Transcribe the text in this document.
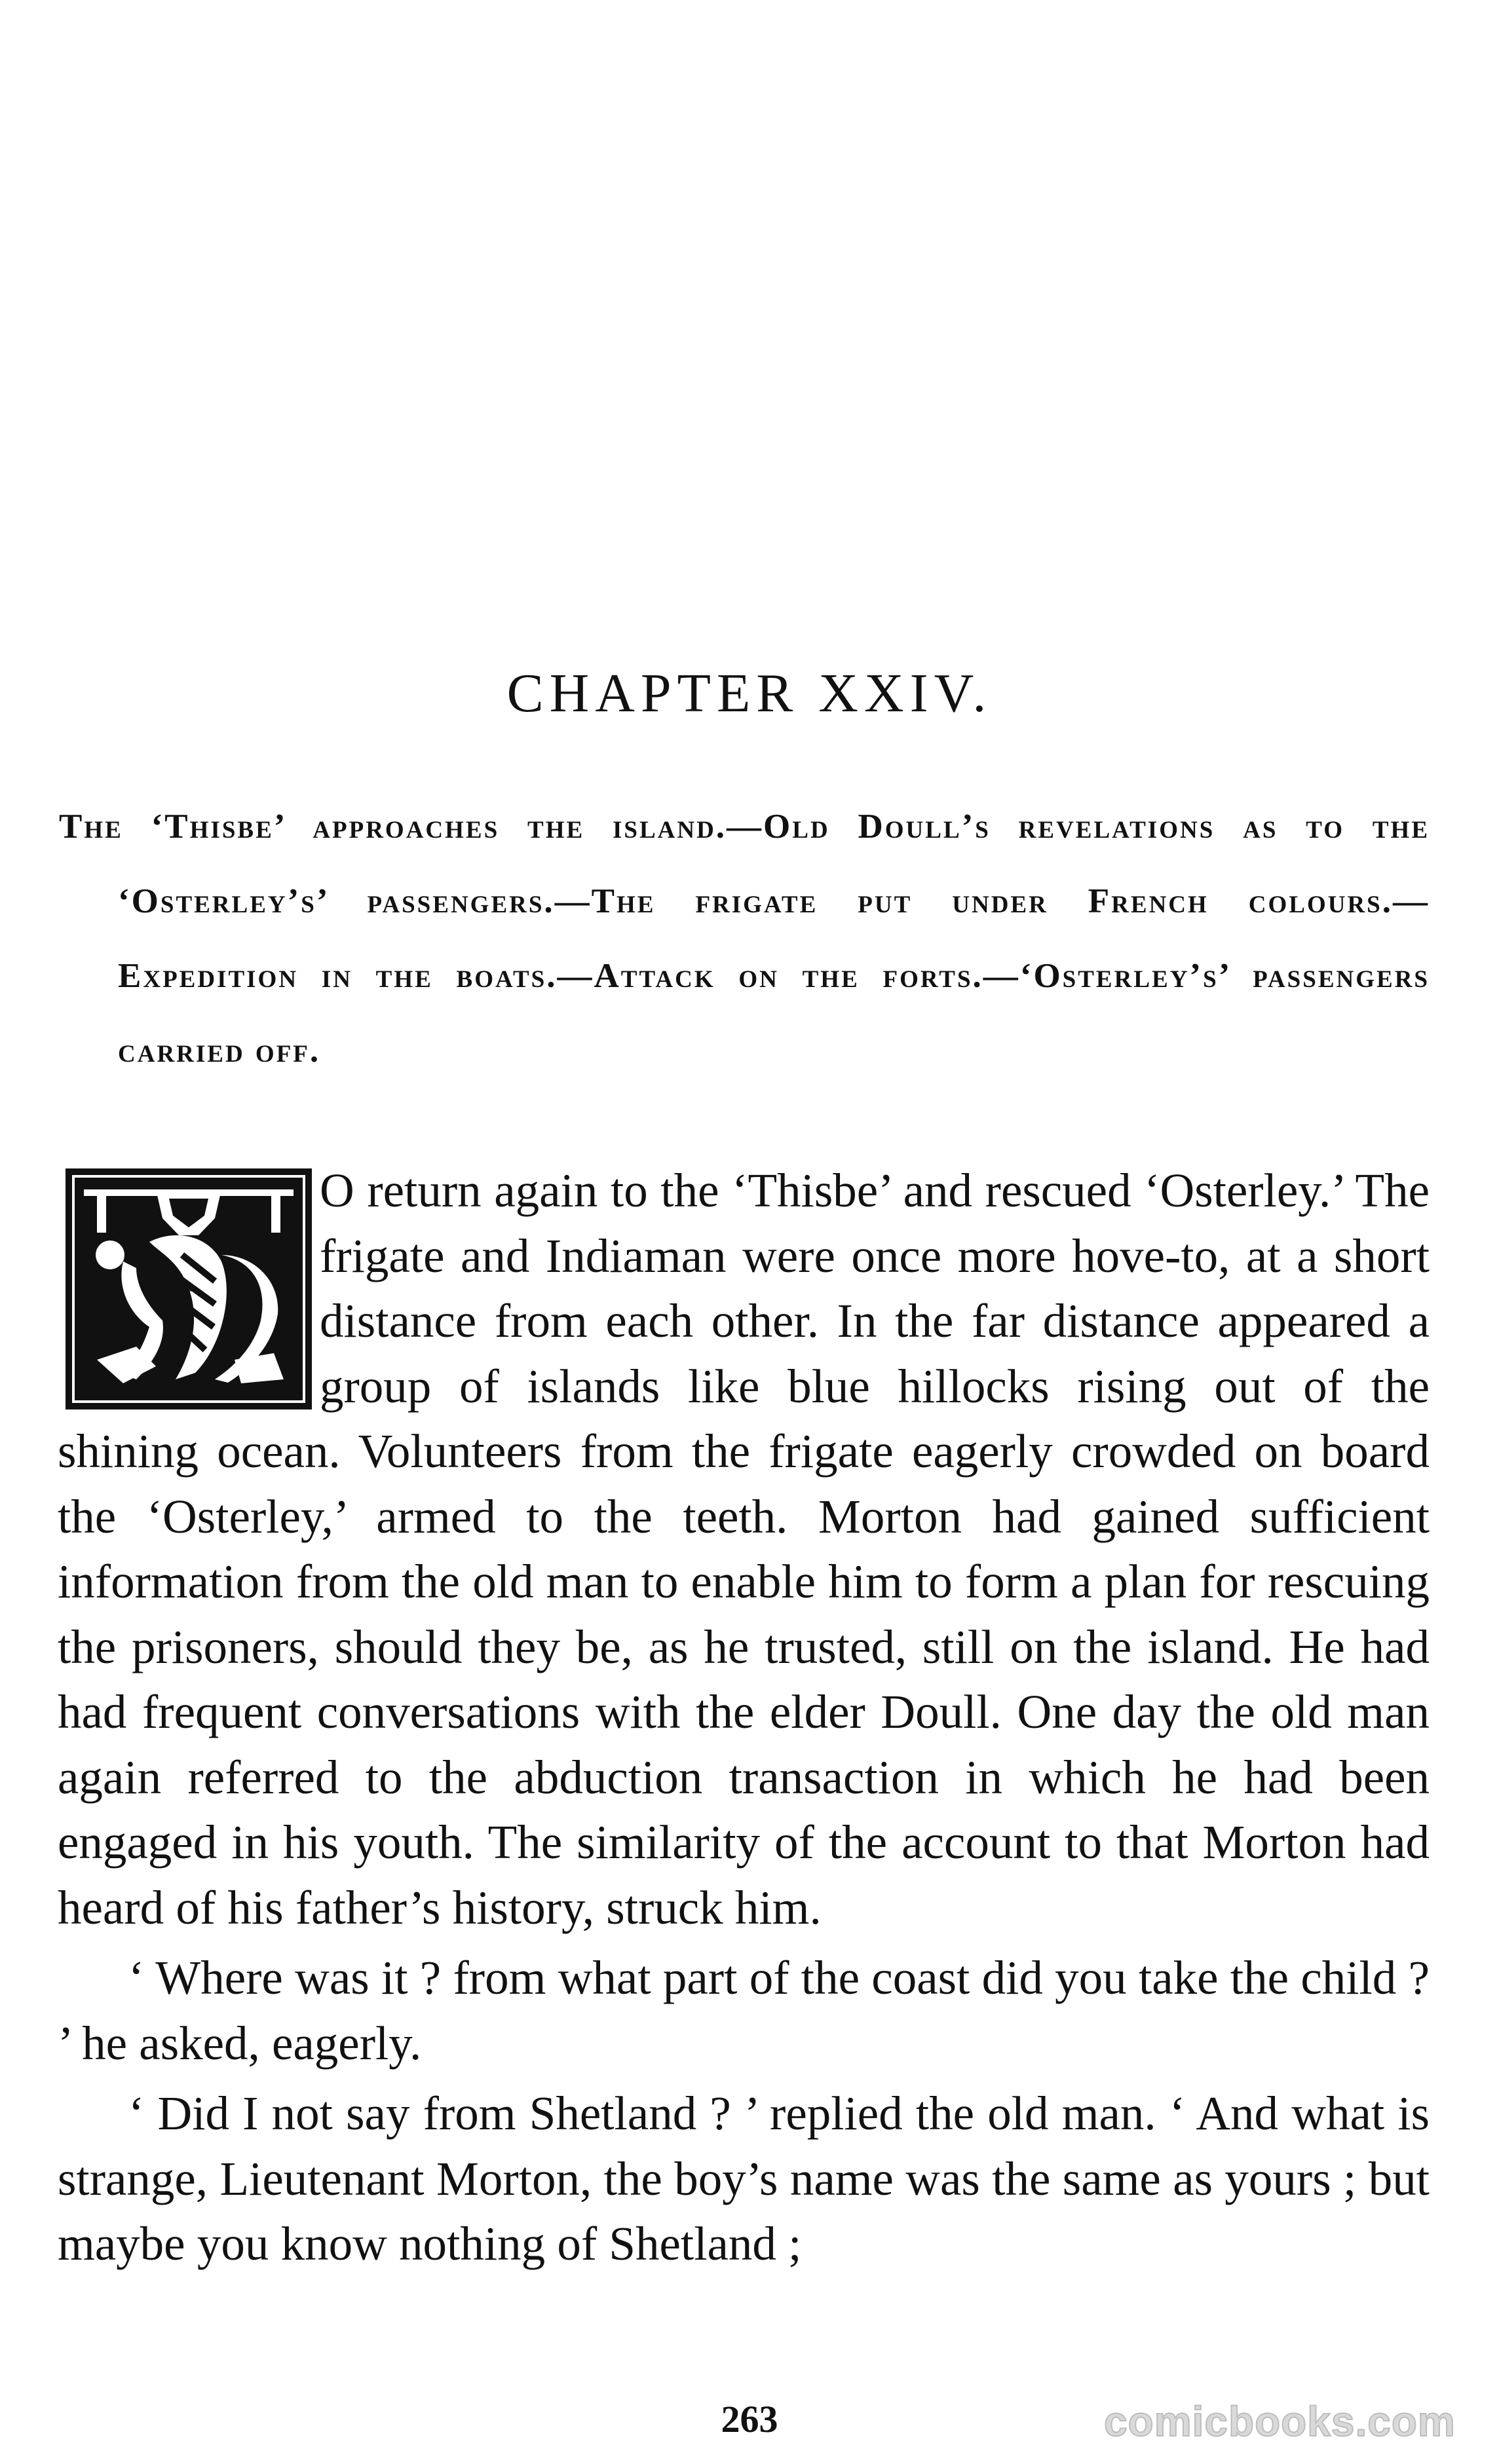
CHAPTER XXIV.
The ‘Thisbe’ approaches the island.—Old Doull’s revelations as to the ‘Osterley’s’ passengers.—The frigate put under French colours.—Expedition in the boats.—Attack on the forts.—‘Osterley’s’ passengers carried off.

T
O return again to the ‘Thisbe’ and rescued ‘Osterley.’ The frigate and Indiaman were once more hove-to, at a short distance from each other. In the far distance appeared a group of islands like blue hillocks rising out of the shining ocean. Volunteers from the frigate eagerly crowded on board the ‘Osterley,’ armed to the teeth. Morton had gained sufficient information from the old man to enable him to form a plan for rescuing the prisoners, should they be, as he trusted, still on the island. He had had frequent conversations with the elder Doull. One day the old man again referred to the abduction transaction in which he had been engaged in his youth. The similarity of the account to that Morton had heard of his father’s history, struck him.

‘ Where was it ? from what part of the coast did you take the child ? ’ he asked, eagerly.

‘ Did I not say from Shetland ? ’ replied the old man. ‘ And what is strange, Lieutenant Morton, the boy’s name was the same as yours ; but maybe you know nothing of Shetland ;

263	comicbooks.com
